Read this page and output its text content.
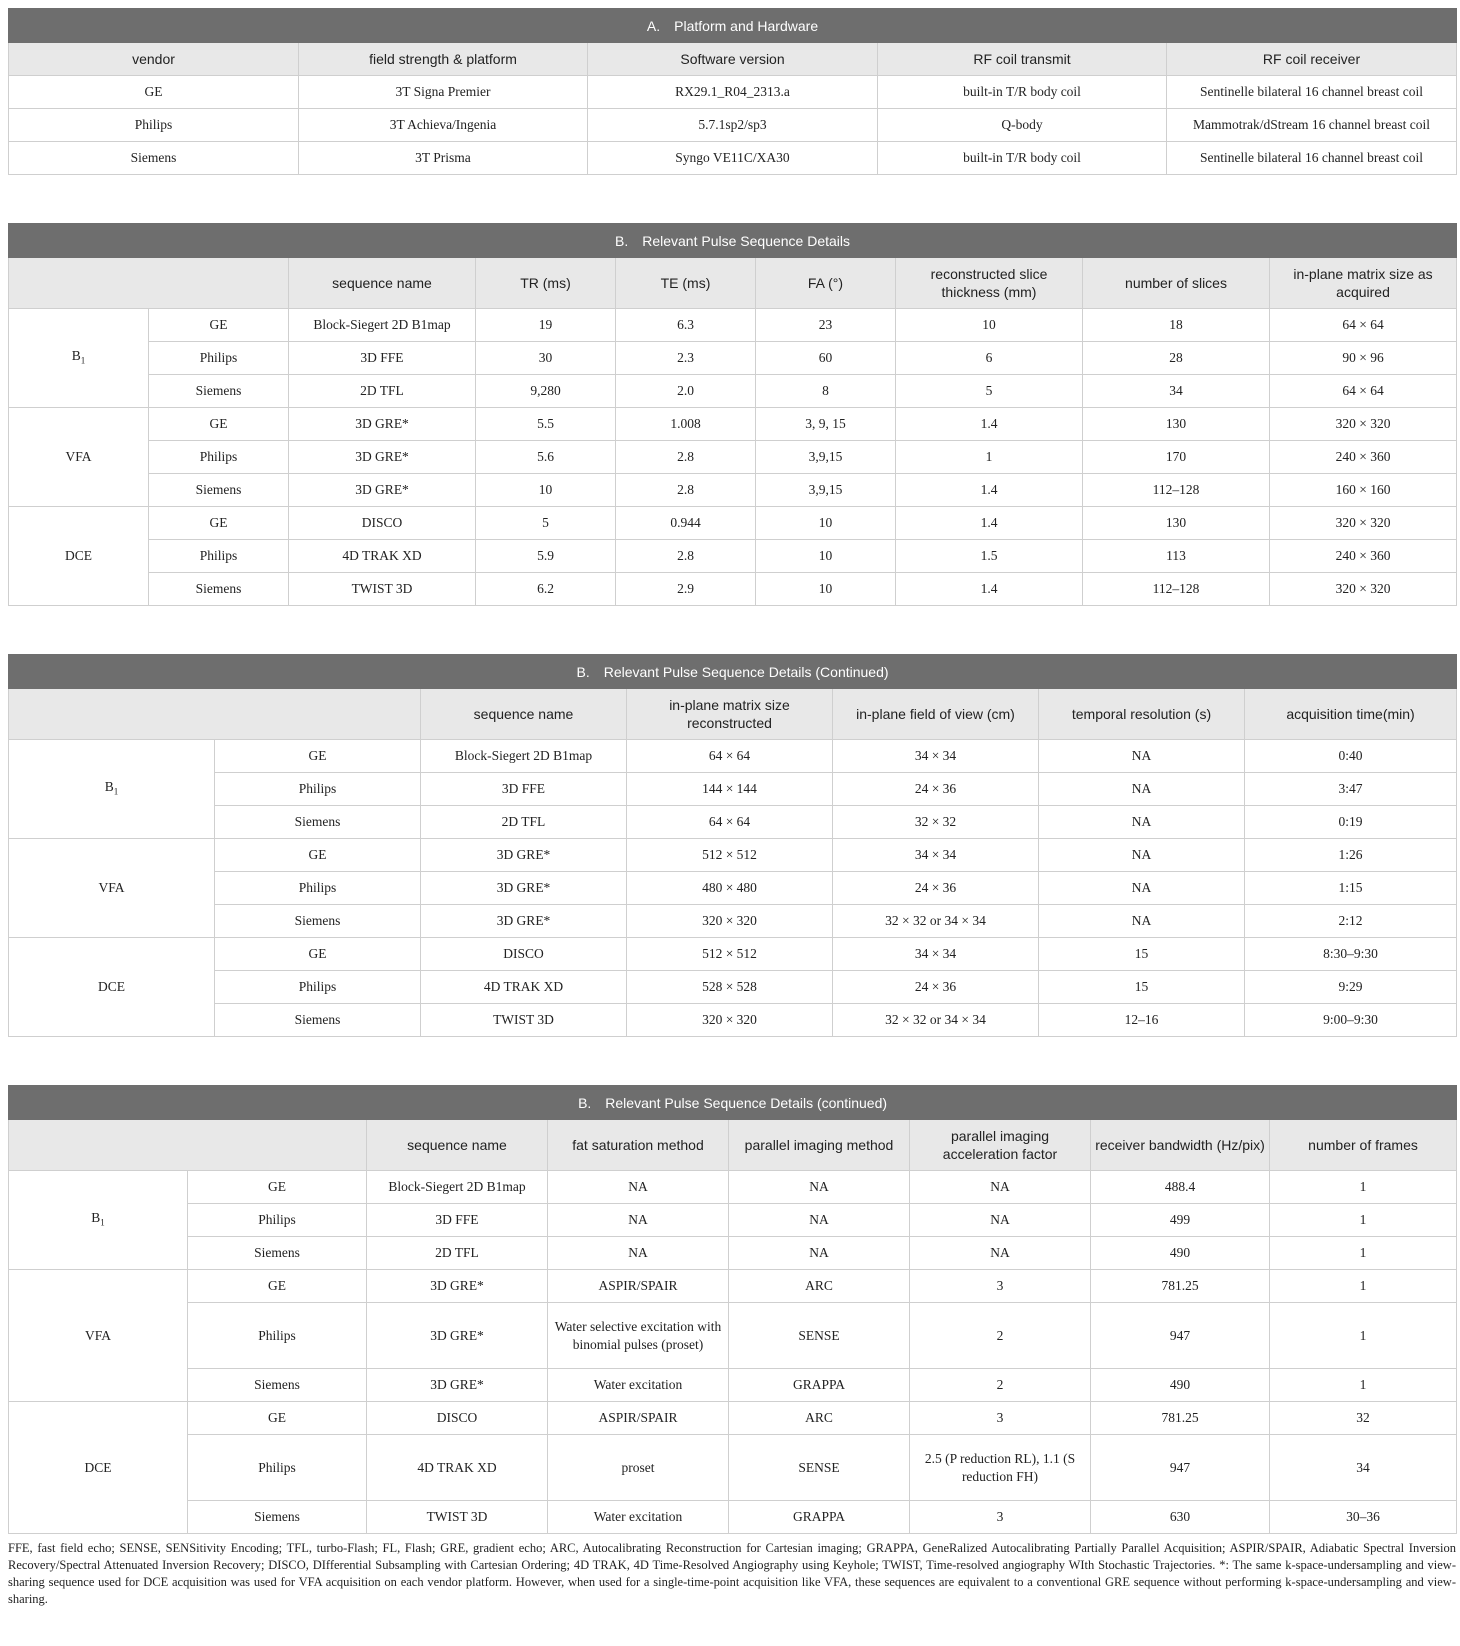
A. Platform and Hardware				
vendor	field strength & platform	Software version	RF coil transmit	RF coil receiver
GE	3T Signa Premier	RX29.1_R04_2313.a	built-in T/R body coil	Sentinelle bilateral 16 channel breast coil
Philips	3T Achieva/Ingenia	5.7.1sp2/sp3	Q-body	Mammotrak/dStream 16 channel breast coil
Siemens	3T Prisma	Syngo VE11C/XA30	built-in T/R body coil	Sentinelle bilateral 16 channel breast coil
B. Relevant Pulse Sequence Details								
		sequence name	TR (ms)	TE (ms)	FA (°)	reconstructed slice thickness (mm)	number of slices	in-plane matrix size as acquired
$B_1$	GE	Block-Siegert 2D B1map	19	6.3	23	10	18	64 × 64
	Philips	3D FFE	30	2.3	60	6	28	90 × 96
	Siemens	2D TFL	9,280	2.0	8	5	34	64 × 64
VFA	GE	3D GRE*	5.5	1.008	3, 9, 15	1.4	130	320 × 320
	Philips	3D GRE*	5.6	2.8	3,9,15	1	170	240 × 360
	Siemens	3D GRE*	10	2.8	3,9,15	1.4	112–128	160 × 160
DCE	GE	DISCO	5	0.944	10	1.4	130	320 × 320
	Philips	4D TRAK XD	5.9	2.8	10	1.5	113	240 × 360
	Siemens	TWIST 3D	6.2	2.9	10	1.4	112–128	320 × 320
B. Relevant Pulse Sequence Details (Continued)						
		sequence name	in-plane matrix size reconstructed	in-plane field of view (cm)	temporal resolution (s)	acquisition time(min)
$B_1$	GE	Block-Siegert 2D B1map	64 × 64	34 × 34	NA	0:40
	Philips	3D FFE	144 × 144	24 × 36	NA	3:47
	Siemens	2D TFL	64 × 64	32 × 32	NA	0:19
VFA	GE	3D GRE*	512 × 512	34 × 34	NA	1:26
	Philips	3D GRE*	480 × 480	24 × 36	NA	1:15
	Siemens	3D GRE*	320 × 320	32 × 32 or 34 × 34	NA	2:12
DCE	GE	DISCO	512 × 512	34 × 34	15	8:30–9:30
	Philips	4D TRAK XD	528 × 528	24 × 36	15	9:29
	Siemens	TWIST 3D	320 × 320	32 × 32 or 34 × 34	12–16	9:00–9:30
B. Relevant Pulse Sequence Details (continued)							
		sequence name	fat saturation method	parallel imaging method	parallel imaging acceleration factor	receiver bandwidth (Hz/pix)	number of frames
$B_1$	GE	Block-Siegert 2D B1map	NA	NA	NA	488.4	1
	Philips	3D FFE	NA	NA	NA	499	1
	Siemens	2D TFL	NA	NA	NA	490	1
VFA	GE	3D GRE*	ASPIR/SPAIR	ARC	3	781.25	1
	Philips	3D GRE*	Water selective excitation with binomial pulses (proset)	SENSE	2	947	1
	Siemens	3D GRE*	Water excitation	GRAPPA	2	490	1
DCE	GE	DISCO	ASPIR/SPAIR	ARC	3	781.25	32
	Philips	4D TRAK XD	proset	SENSE	2.5 (P reduction RL), 1.1 (S reduction FH)	947	34
	Siemens	TWIST 3D	Water excitation	GRAPPA	3	630	30–36
FFE, fast field echo; SENSE, SENSitivity Encoding; TFL, turbo-Flash; FL, Flash; GRE, gradient echo; ARC, Autocalibrating Reconstruction for Cartesian imaging; GRAPPA, GeneRalized Autocalibrating Partially Parallel Acquisition; ASPIR/SPAIR, Adiabatic Spectral Inversion Recovery/Spectral Attenuated Inversion Recovery; DISCO, DIfferential Subsampling with Cartesian Ordering; 4D TRAK, 4D Time-Resolved Angiography using Keyhole; TWIST, Time-resolved angiography WIth Stochastic Trajectories. *: The same k-space-undersampling and view-sharing sequence used for DCE acquisition was used for VFA acquisition on each vendor platform. However, when used for a single-time-point acquisition like VFA, these sequences are equivalent to a conventional GRE sequence without performing k-space-undersampling and view-sharing.
